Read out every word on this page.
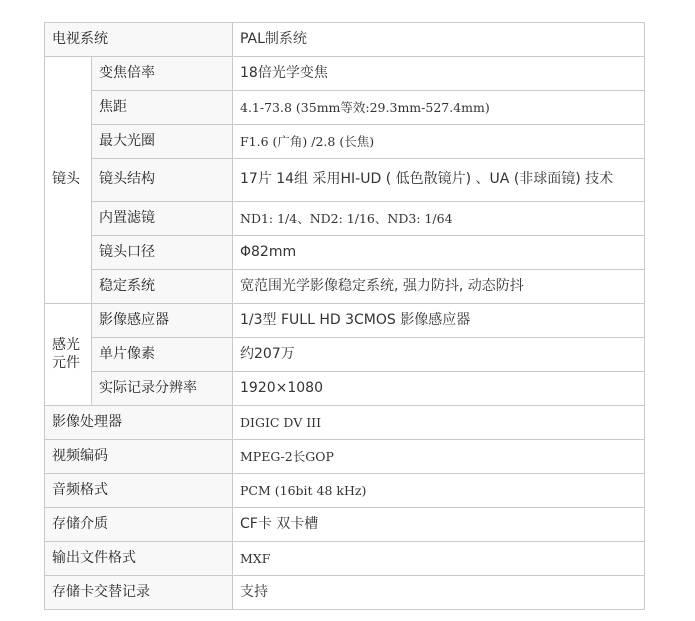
电视系统		PAL制系统
镜头	变焦倍率	18倍光学变焦
	焦距	4.1-73.8 (35mm等效:29.3mm-527.4mm)
	最大光圈	F1.6 (广角) /2.8 (长焦)
	镜头结构	17片 14组 采用HI-UD ( 低色散镜片) 、UA (非球面镜) 技术
	内置滤镜	ND1: 1/4、ND2: 1/16、ND3: 1/64
	镜头口径	Φ82mm
	稳定系统	宽范围光学影像稳定系统, 强力防抖, 动态防抖
感光元件	影像感应器	1/3型 FULL HD 3CMOS 影像感应器
	单片像素	约207万
	实际记录分辨率	1920×1080
影像处理器		DIGIC DV III
视频编码		MPEG-2长GOP
音频格式		PCM (16bit 48 kHz)
存储介质		CF卡 双卡槽
输出文件格式		MXF
存储卡交替记录		支持
